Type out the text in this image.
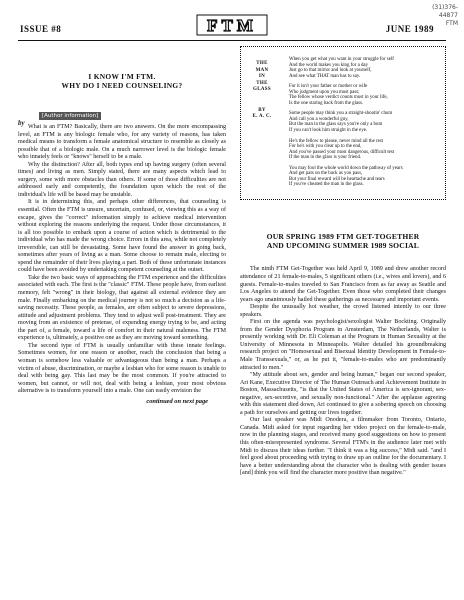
(31)376-
44877
FTM
ISSUE #8	FTM	JUNE 1989
I KNOW I'M FTM.
WHY DO I NEED COUNSELING?
by
[Author information]

What is an FTM? Basically, there are two answers. On the more encompassing level, an FTM is any biologic female who, for any variety of reasons, has taken medical means to transform a female anatomical structure to resemble as closely as possible that of a biologic male. On a much narrower level is the biologic female who innately feels or "knows" herself to be a male.

Why the distinction? After all, both types end up having surgery (often several times) and living as men. Simply stated, there are many aspects which lead to surgery, some with more obstacles than others. If some of those difficulties are not addressed early and competently, the foundation upon which the rest of the individual's life will be based may be unstable.

It is in determining this, and perhaps other differences, that counseling is essential. Often the FTM is unsure, uncertain, confused, or, viewing this as a way of escape, gives the "correct" information simply to achieve medical intervention without exploring the reasons underlying the request. Under those circumstances, it is all too possible to embark upon a course of action which is detrimental to the individual who has made the wrong choice. Errors in this area, while not completely irreversible, can still be devastating. Some have found the answer in going back, sometimes after years of living as a man. Some choose to remain male, electing to spend the remainder of their lives playing a part. Both of these unfortunate instances could have been avoided by undertaking competent counseling at the outset.

Take the two basic ways of approaching the FTM experience and the difficulties associated with each. The first is the "classic" FTM. These people have, from earliest memory, felt "wrong" in their biology, that against all external evidence they are male. Finally embarking on the medical journey is not so much a decision as a life-saving necessity. These people, as females, are often subject to severe depressions, attitude and adjustment problems. They tend to adjust well post-treatment. They are moving from an existence of pretense, of expending energy trying to be, and acting the part of, a female, toward a life of comfort in their natural maleness. The FTM experience is, ultimately, a positive one as they are moving toward something.

The second type of FTM is usually unfamiliar with these innate feelings. Sometimes women, for one reason or another, reach the conclusion that being a woman is somehow less valuable or advantageous than being a man. Perhaps a victim of abuse, discrimination, or maybe a lesbian who for some reason is unable to deal with being gay. This last may be the most common. If you're attracted to women, but cannot, or will not, deal with being a lesbian, your most obvious alternative is to transform yourself into a male. One can easily envision the

continued on next page
THE
MAN
IN
THE
GLASS
BY
E. A. C.
When you get what you want in your struggle for self
And the world makes you king for a day
Just go to that mirror and look at yourself,
And see what THAT man has to say.
For it isn't your father or mother or wife
Who judgment upon you must pass;
The fellow whose verdict counts most in your life,
Is the one staring back from the glass.
Some people may think you a straight-shootin' chum
And call you a wonderful guy,
But the man in the glass says you're only a bum
If you can't look him straight in the eye.
He's the fellow to please, never mind all the rest
For he's with you clear up to the end,
And you've passed your most dangerous, difficult test
If the man in the glass is your friend.
You may fool the whole world down the pathway of years
And get pats on the back as you pass,
But your final reward will be heartache and tears
If you've cheated the man in the glass.
OUR SPRING 1989 FTM GET-TOGETHER
AND UPCOMING SUMMER 1989 SOCIAL

The ninth FTM Get-Together was held April 9, 1989 and drew another record attendance of 21 female-to-males, 5 significant others (i.e., wives and lovers), and 6 guests. Female-to-males traveled to San Francisco from as far away as Seattle and Los Angeles to attend the Get-Together. Even those who completed their changes years ago unanimously hailed these gatherings as necessary and important events.

Despite the unusually hot weather, the crowd listened intently to our three speakers.

First on the agenda was psychologist/sexologist Walter Bockting. Originally from the Gender Dysphoria Program in Amsterdam, The Netherlands, Walter is presently working with Dr. Eli Coleman at the Program in Human Sexuality at the University of Minnesota in Minneapolis. Walter detailed his groundbreaking research project on "Homosexual and Bisexual Identity Development in Female-to-Male Transsexuals," or, as he put it, "female-to-males who are predominantly attracted to men."

"My attitude about sex, gender and being human," began our second speaker, Ari Kane, Executive Director of The Human Outreach and Achievement Institute in Boston, Massachusetts, "is that the United States of America is sex-ignorant, sex-negative, sex-secretive, and sexually non-functional." After the applause agreeing with this statement died down, Ari continued to give a sobering speech on choosing a path for ourselves and getting our lives together.

Our last speaker was Midi Onodera, a filmmaker from Toronto, Ontario, Canada. Midi asked for input regarding her video project on the female-to-male, now in the planning stages, and received many good suggestions on how to present this often-misrepresented syndrome. Several FTM's in the audience later met with Midi to discuss their ideas further. "I think it was a big success," Midi said. "and I feel good about proceeding with trying to draw up an outline for the documentary. I have a better understanding about the character who is dealing with gender issues [and] think you will find the character more positive than negative."
